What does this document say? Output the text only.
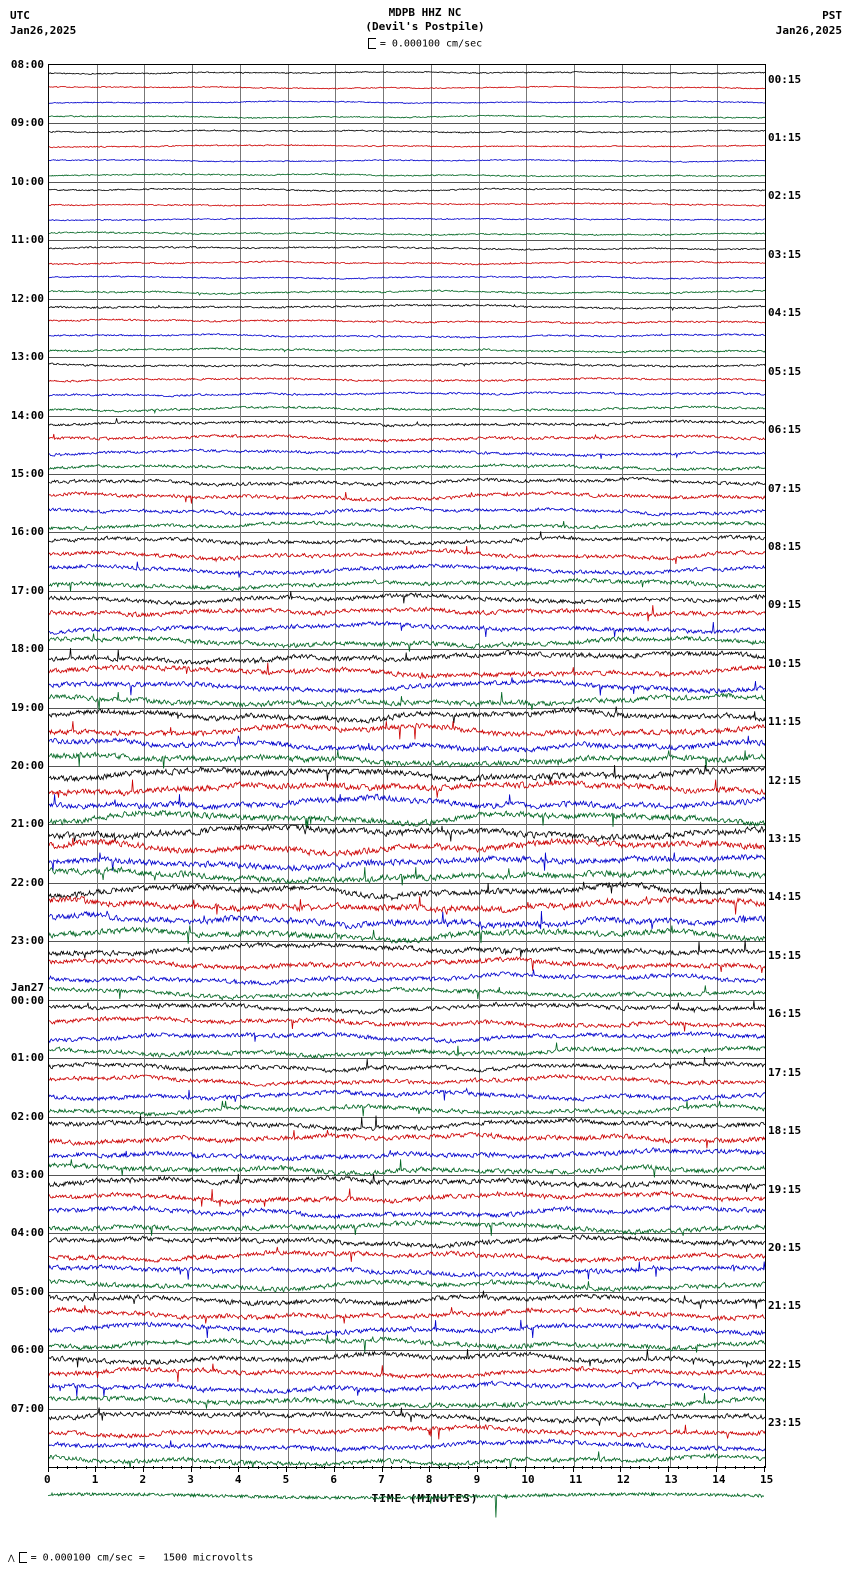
UTC
Jan26,2025
MDPB HHZ NC
(Devil's Postpile)
PST
Jan26,2025
= 0.000100 cm/sec
TIME (MINUTES)
⋀ = 0.000100 cm/sec = 1500 microvolts
08:00
09:00
10:00
11:00
12:00
13:00
14:00
15:00
16:00
17:00
18:00
19:00
20:00
21:00
22:00
23:00
Jan27
00:00
01:00
02:00
03:00
04:00
05:00
06:00
07:00
00:15
01:15
02:15
03:15
04:15
05:15
06:15
07:15
08:15
09:15
10:15
11:15
12:15
13:15
14:15
15:15
16:15
17:15
18:15
19:15
20:15
21:15
22:15
23:15
0	1	2	3	4	5	6	7	8	9	10	11	12	13	14	15
